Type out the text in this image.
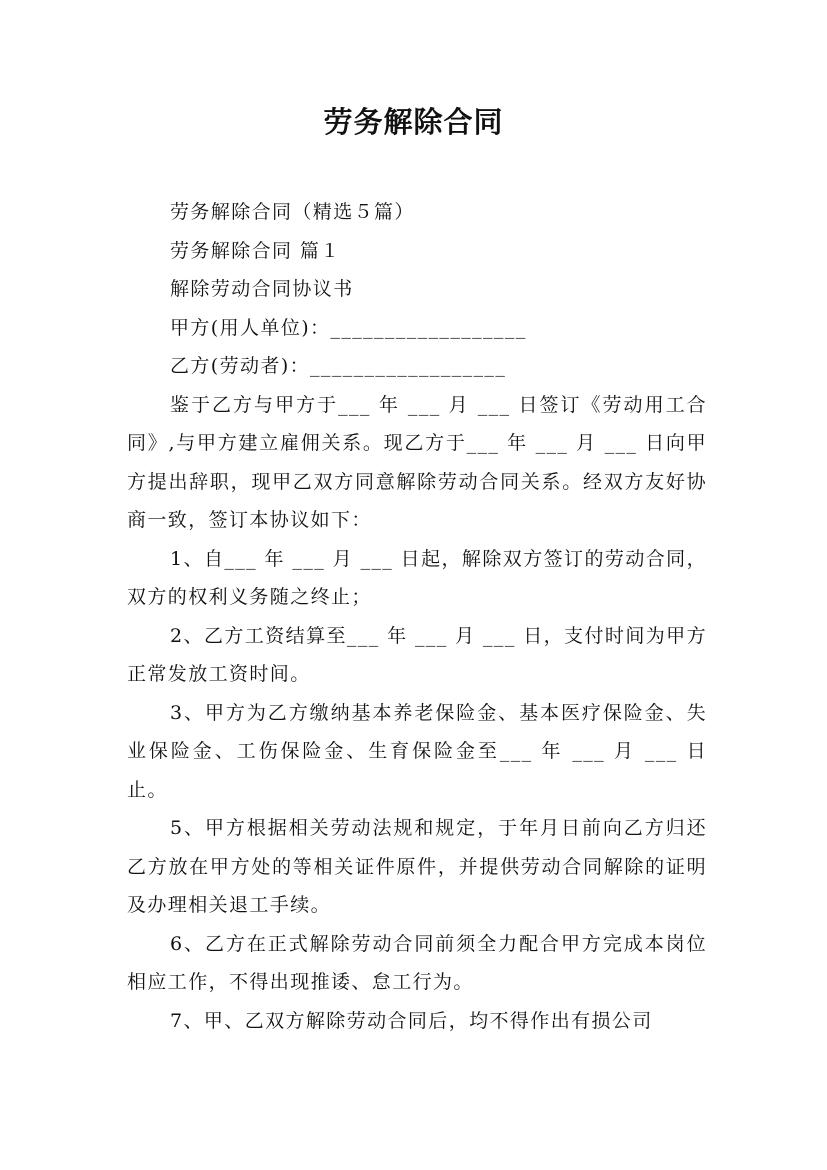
劳务解除合同

劳务解除合同（精选５篇）

劳务解除合同 篇１

解除劳动合同协议书

甲方(用人单位)：__________________

乙方(劳动者)：__________________

鉴于乙方与甲方于___ 年 ___ 月 ___ 日签订《劳动用工合同》,与甲方建立雇佣关系。现乙方于___ 年 ___ 月 ___ 日向甲方提出辞职，现甲乙双方同意解除劳动合同关系。经双方友好协商一致，签订本协议如下：

1、自___ 年 ___ 月 ___ 日起，解除双方签订的劳动合同，双方的权利义务随之终止；

2、乙方工资结算至___ 年 ___ 月 ___ 日，支付时间为甲方正常发放工资时间。

3、甲方为乙方缴纳基本养老保险金、基本医疗保险金、失业保险金、工伤保险金、生育保险金至___ 年 ___ 月 ___ 日止。

5、甲方根据相关劳动法规和规定，于年月日前向乙方归还乙方放在甲方处的等相关证件原件，并提供劳动合同解除的证明及办理相关退工手续。

6、乙方在正式解除劳动合同前须全力配合甲方完成本岗位相应工作，不得出现推诿、怠工行为。

7、甲、乙双方解除劳动合同后，均不得作出有损公司
